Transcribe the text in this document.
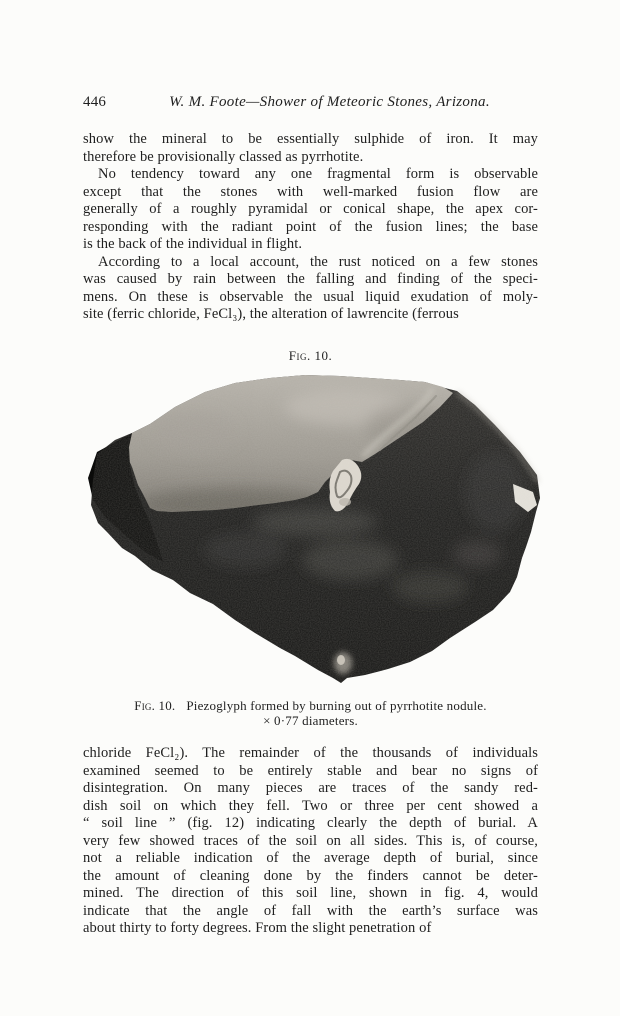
446	W. M. Foote—Shower of Meteoric Stones, Arizona.
show the mineral to be essentially sulphide of iron. It may
therefore be provisionally classed as pyrrhotite.
No tendency toward any one fragmental form is observable
except that the stones with well-marked fusion flow are
generally of a roughly pyramidal or conical shape, the apex cor-
responding with the radiant point of the fusion lines; the base
is the back of the individual in flight.
According to a local account, the rust noticed on a few stones
was caused by rain between the falling and finding of the speci-
mens. On these is observable the usual liquid exudation of moly-
site (ferric chloride, FeCl₃), the alteration of lawrencite (ferrous
Fig. 10.
Fig. 10. Piezoglyph formed by burning out of pyrrhotite nodule.
× 0·77 diameters.
chloride FeCl₂). The remainder of the thousands of individuals
examined seemed to be entirely stable and bear no signs of
disintegration. On many pieces are traces of the sandy red-
dish soil on which they fell. Two or three per cent showed a
“ soil line ” (fig. 12) indicating clearly the depth of burial. A
very few showed traces of the soil on all sides. This is, of course,
not a reliable indication of the average depth of burial, since
the amount of cleaning done by the finders cannot be deter-
mined. The direction of this soil line, shown in fig. 4, would
indicate that the angle of fall with the earth’s surface was
about thirty to forty degrees. From the slight penetration of
